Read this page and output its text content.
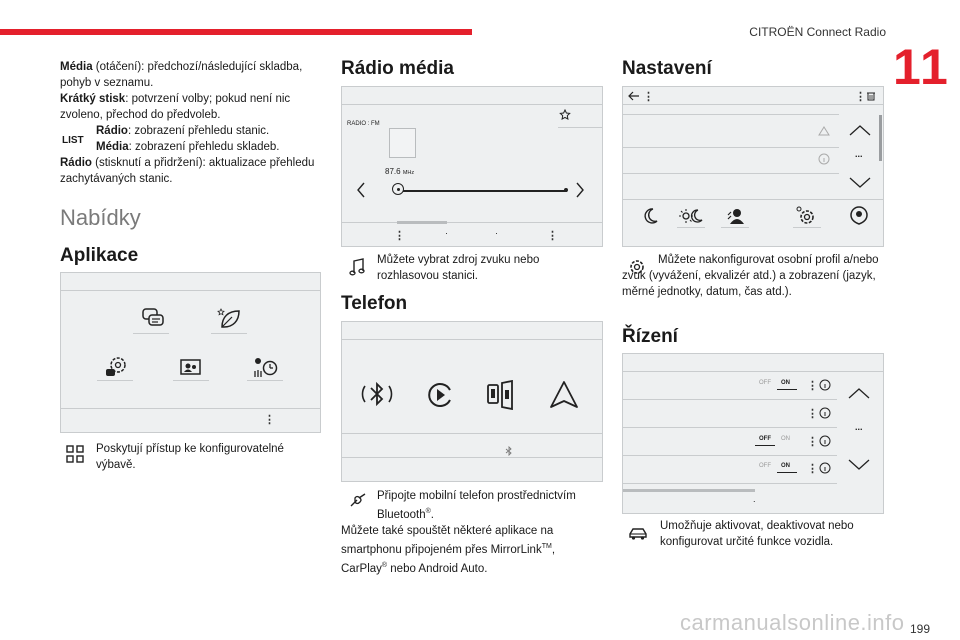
CITROËN Connect Radio
11
Média (otáčení): předchozí/následující skladba, pohyb v seznamu.
Krátký stisk: potvrzení volby; pokud není nic zvoleno, přechod do předvoleb.
Rádio: zobrazení přehledu stanic.
Média: zobrazení přehledu skladeb.
Rádio (stisknutí a přidržení): aktualizace přehledu zachytávaných stanic.
LIST
Nabídky
Aplikace
⋮
Poskytují přístup ke konfigurovatelné výbavě.
Rádio média
RADIO : FM
87.6 MHz
⋮	·	·	⋮
Můžete vybrat zdroj zvuku nebo rozhlasovou stanici.
Telefon
Připojte mobilní telefon prostřednictvím Bluetooth®.
Můžete také spouštět některé aplikace na smartphonu připojeném přes MirrorLink™, CarPlay® nebo Android Auto.
Nastavení
⋮	⋮
...
Můžete nakonfigurovat osobní profil a/nebo zvuk (vyvážení, ekvalizér atd.) a zobrazení (jazyk, měrné jednotky, datum, čas atd.).
Řízení
.
OFF ON ⋮
⋮
OFF ON ⋮
OFF ON ⋮
...
Umožňuje aktivovat, deaktivovat nebo konfigurovat určité funkce vozidla.
carmanualsonline.info 199
